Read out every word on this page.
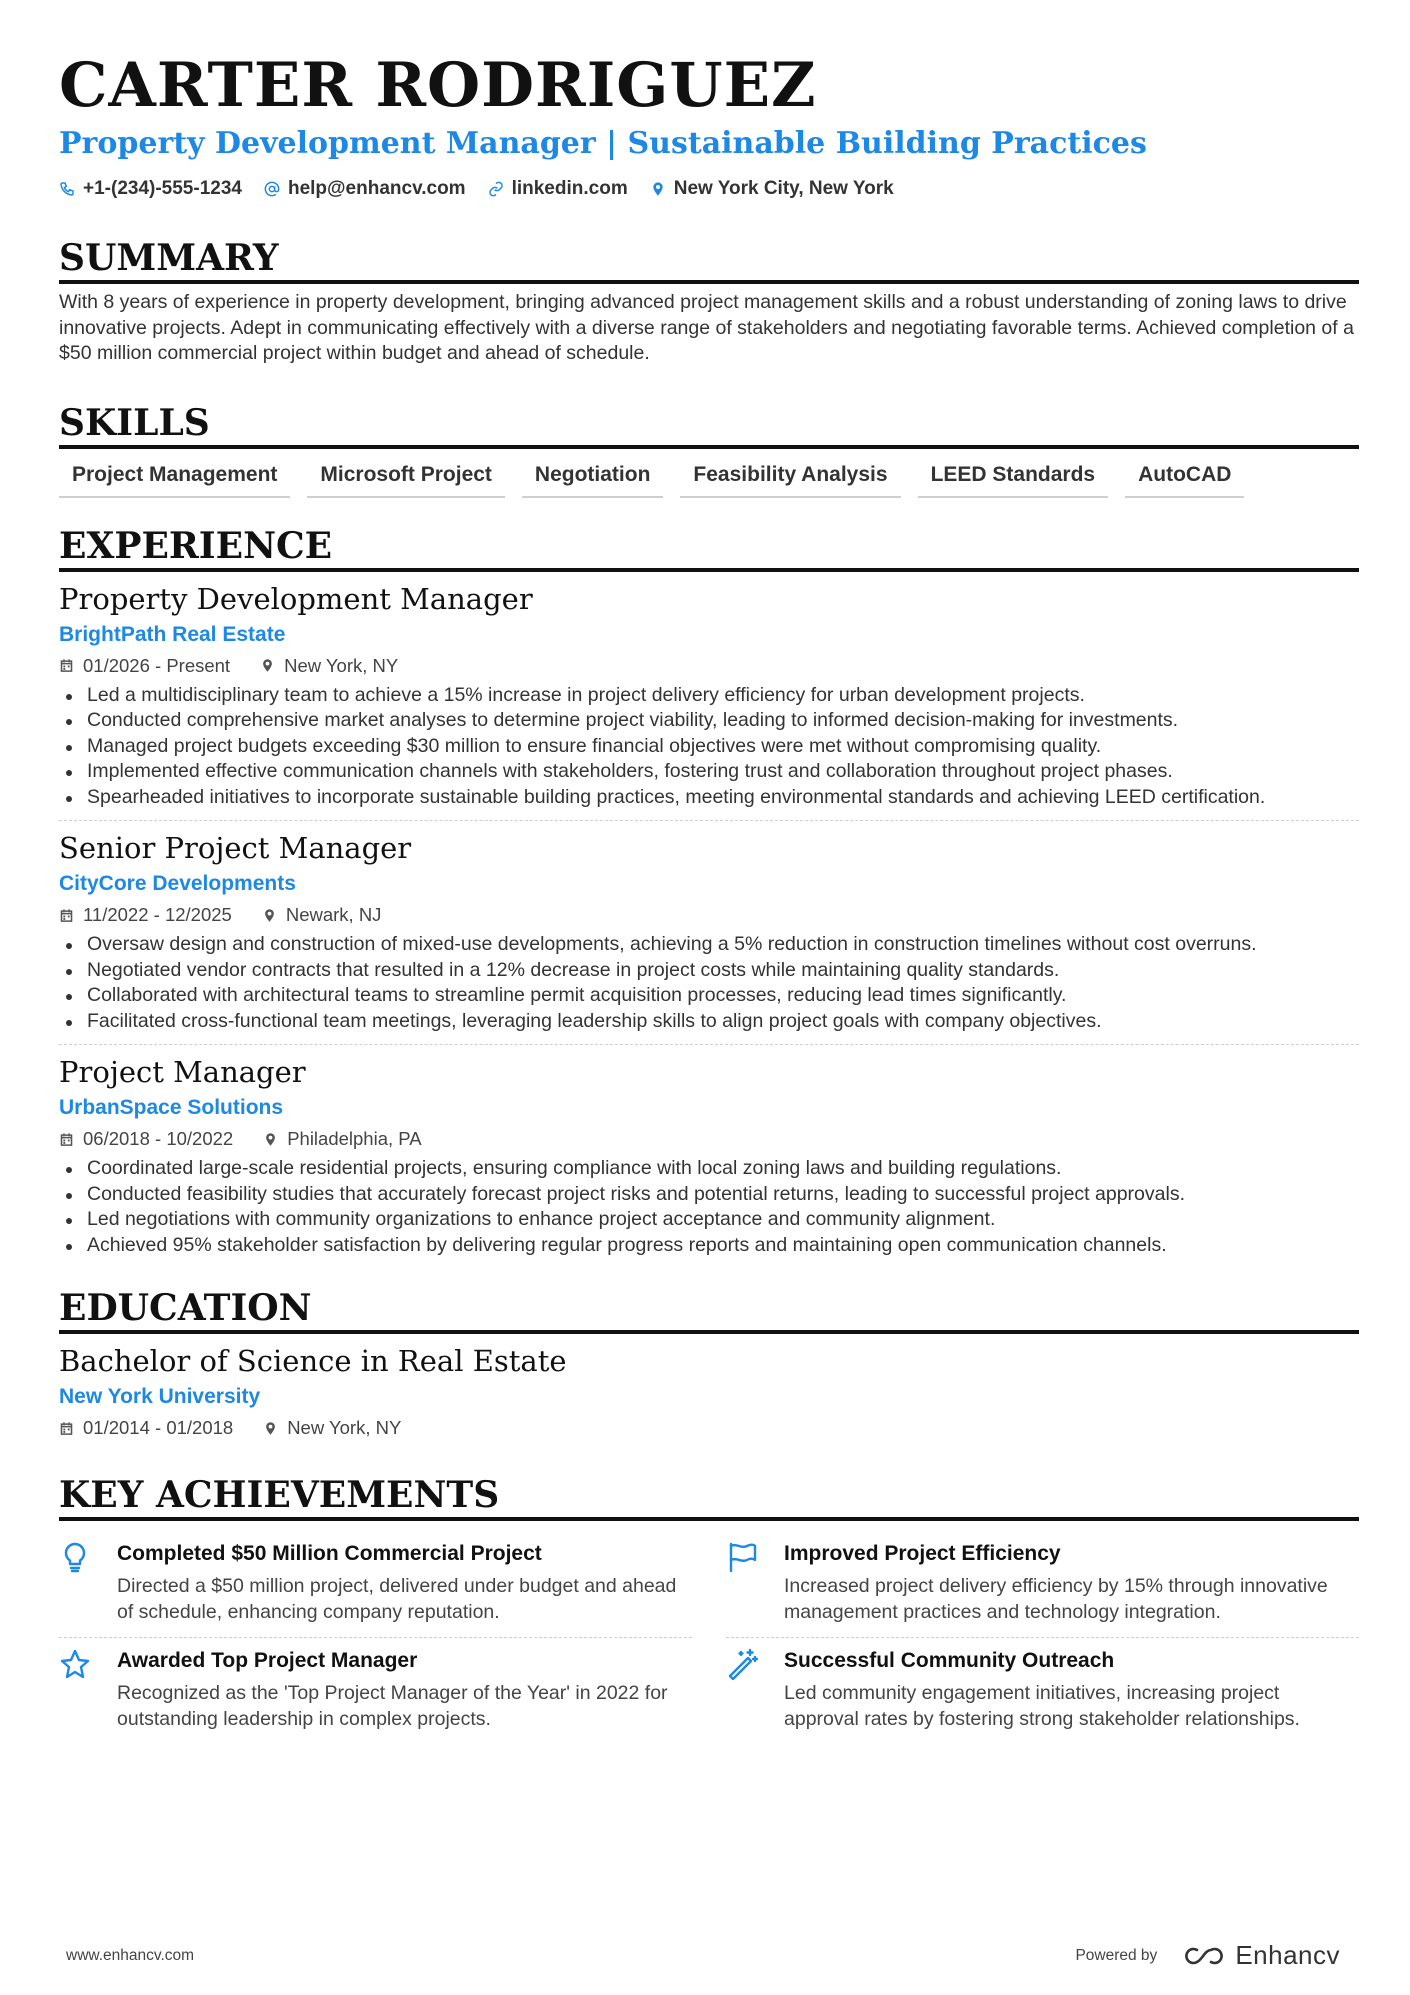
CARTER RODRIGUEZ
Property Development Manager | Sustainable Building Practices
+1-(234)-555-1234 help@enhancv.com linkedin.com New York City, New York
SUMMARY
With 8 years of experience in property development, bringing advanced project management skills and a robust understanding of zoning laws to drive innovative projects. Adept in communicating effectively with a diverse range of stakeholders and negotiating favorable terms. Achieved completion of a $50 million commercial project within budget and ahead of schedule.
SKILLS
Project Management	Microsoft Project	Negotiation	Feasibility Analysis	LEED Standards	AutoCAD
EXPERIENCE
Property Development Manager
BrightPath Real Estate
01/2026 - Present	New York, NY
Led a multidisciplinary team to achieve a 15% increase in project delivery efficiency for urban development projects.
Conducted comprehensive market analyses to determine project viability, leading to informed decision-making for investments.
Managed project budgets exceeding $30 million to ensure financial objectives were met without compromising quality.
Implemented effective communication channels with stakeholders, fostering trust and collaboration throughout project phases.
Spearheaded initiatives to incorporate sustainable building practices, meeting environmental standards and achieving LEED certification.
Senior Project Manager
CityCore Developments
11/2022 - 12/2025	Newark, NJ
Oversaw design and construction of mixed-use developments, achieving a 5% reduction in construction timelines without cost overruns.
Negotiated vendor contracts that resulted in a 12% decrease in project costs while maintaining quality standards.
Collaborated with architectural teams to streamline permit acquisition processes, reducing lead times significantly.
Facilitated cross-functional team meetings, leveraging leadership skills to align project goals with company objectives.
Project Manager
UrbanSpace Solutions
06/2018 - 10/2022	Philadelphia, PA
Coordinated large-scale residential projects, ensuring compliance with local zoning laws and building regulations.
Conducted feasibility studies that accurately forecast project risks and potential returns, leading to successful project approvals.
Led negotiations with community organizations to enhance project acceptance and community alignment.
Achieved 95% stakeholder satisfaction by delivering regular progress reports and maintaining open communication channels.
EDUCATION
Bachelor of Science in Real Estate
New York University
01/2014 - 01/2018	New York, NY
KEY ACHIEVEMENTS
Completed $50 Million Commercial Project
Directed a $50 million project, delivered under budget and ahead of schedule, enhancing company reputation.
Improved Project Efficiency
Increased project delivery efficiency by 15% through innovative management practices and technology integration.
Awarded Top Project Manager
Recognized as the 'Top Project Manager of the Year' in 2022 for outstanding leadership in complex projects.
Successful Community Outreach
Led community engagement initiatives, increasing project approval rates by fostering strong stakeholder relationships.
www.enhancv.com	Powered by	Enhancv
